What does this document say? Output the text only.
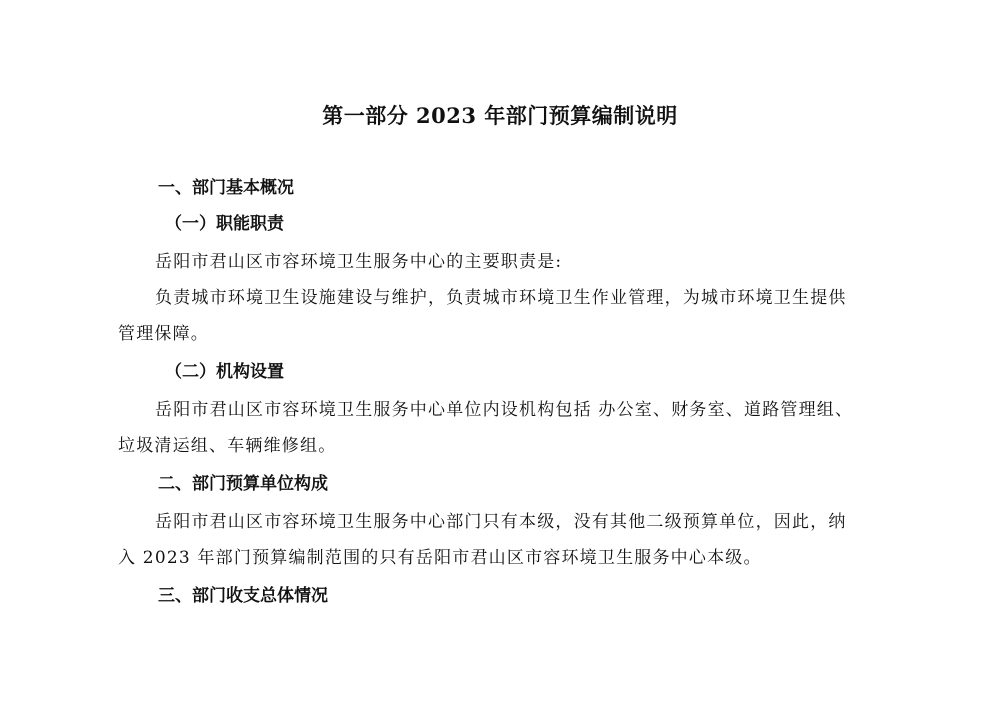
第一部分 2023 年部门预算编制说明
一、部门基本概况
（一）职能职责
岳阳市君山区市容环境卫生服务中心的主要职责是:
负责城市环境卫生设施建设与维护，负责城市环境卫生作业管理，为城市环境卫生提供
管理保障。
（二）机构设置
岳阳市君山区市容环境卫生服务中心单位内设机构包括 办公室、财务室、道路管理组、
垃圾清运组、车辆维修组。
二、部门预算单位构成
岳阳市君山区市容环境卫生服务中心部门只有本级，没有其他二级预算单位，因此，纳
入 2023 年部门预算编制范围的只有岳阳市君山区市容环境卫生服务中心本级。
三、部门收支总体情况
